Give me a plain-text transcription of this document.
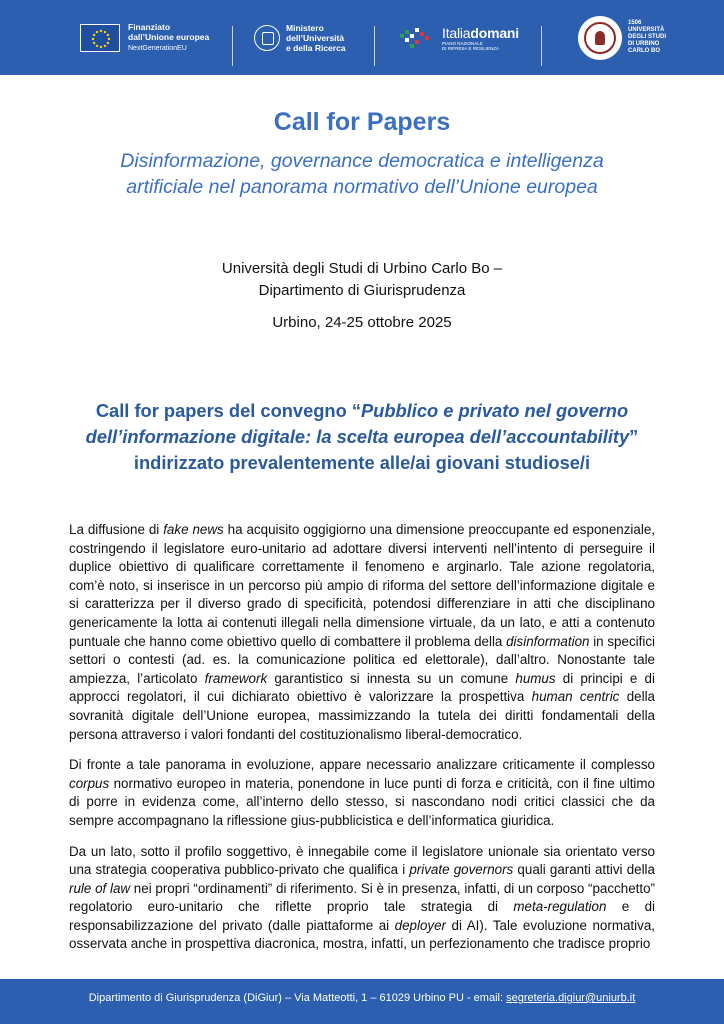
Finanziato
dall’Unione europea
NextGenerationEU
Ministero
dell’Università
e della Ricerca
Italiadomani
PIANO NAZIONALE
DI RIPRESA E RESILIENZA
1506
UNIVERSITÀ
DEGLI STUDI
DI URBINO
CARLO BO
Call for Papers
Disinformazione, governance democratica e intelligenza
artificiale nel panorama normativo dell’Unione europea
Università degli Studi di Urbino Carlo Bo –
Dipartimento di Giurisprudenza
Urbino, 24-25 ottobre 2025
Call for papers del convegno “Pubblico e privato nel governo
dell’informazione digitale: la scelta europea dell’accountability”
indirizzato prevalentemente alle/ai giovani studiose/i

La diffusione di fake news ha acquisito oggigiorno una dimensione preoccupante ed esponenziale, costringendo il legislatore euro-unitario ad adottare diversi interventi nell’intento di perseguire il duplice obiettivo di qualificare correttamente il fenomeno e arginarlo. Tale azione regolatoria, com’è noto, si inserisce in un percorso più ampio di riforma del settore dell’informazione digitale e si caratterizza per il diverso grado di specificità, potendosi differenziare in atti che disciplinano genericamente la lotta ai contenuti illegali nella dimensione virtuale, da un lato, e atti a contenuto puntuale che hanno come obiettivo quello di combattere il problema della disinformation in specifici settori o contesti (ad. es. la comunicazione politica ed elettorale), dall’altro. Nonostante tale ampiezza, l’articolato framework garantistico si innesta su un comune humus di principi e di approcci regolatori, il cui dichiarato obiettivo è valorizzare la prospettiva human centric della sovranità digitale dell’Unione europea, massimizzando la tutela dei diritti fondamentali della persona attraverso i valori fondanti del costituzionalismo liberal-democratico.

Di fronte a tale panorama in evoluzione, appare necessario analizzare criticamente il complesso corpus normativo europeo in materia, ponendone in luce punti di forza e criticità, con il fine ultimo di porre in evidenza come, all’interno dello stesso, si nascondano nodi critici classici che da sempre accompagnano la riflessione gius-pubblicistica e dell’informatica giuridica.

Da un lato, sotto il profilo soggettivo, è innegabile come il legislatore unionale sia orientato verso una strategia cooperativa pubblico-privato che qualifica i private governors quali garanti attivi della rule of law nei propri “ordinamenti” di riferimento. Si è in presenza, infatti, di un corposo “pacchetto” regolatorio euro-unitario che riflette proprio tale strategia di meta-regulation e di responsabilizzazione del privato (dalle piattaforme ai deployer di AI). Tale evoluzione normativa, osservata anche in prospettiva diacronica, mostra, infatti, un perfezionamento che tradisce proprio

Dipartimento di Giurisprudenza (DiGiur) – Via Matteotti, 1 – 61029 Urbino PU - email: segreteria.digiur@uniurb.it
